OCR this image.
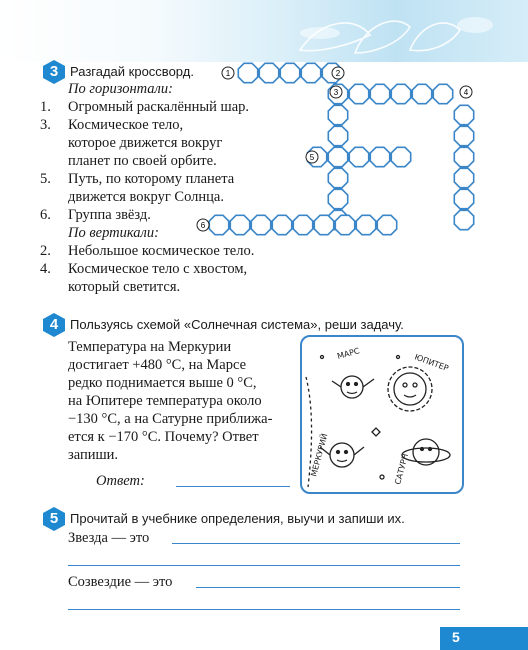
3 Разгадай кроссворд.
По горизонтали:
1. Огромный раскалённый шар.
3. Космическое тело,
которое движется вокруг
планет по своей орбите.
5. Путь, по которому планета
движется вокруг Солнца.
6. Группа звёзд.
По вертикали:
2. Небольшое космическое тело.
4. Космическое тело с хвостом,
который светится.
1	2
3	4
5
6
4 Пользуясь схемой «Солнечная система», реши задачу.
Температура на Меркурии
достигает +480 °С, на Марсе
редко поднимается выше 0 °С,
на Юпитере температура около
−130 °С, а на Сатурне приближа-
ется к −170 °С. Почему? Ответ
запиши.
Ответ:
МАРС	ЮПИТЕР
МЕРКУРИЙ	САТУРН
5 Прочитай в учебнике определения, выучи и запиши их.
Звезда — это
Созвездие — это
5
